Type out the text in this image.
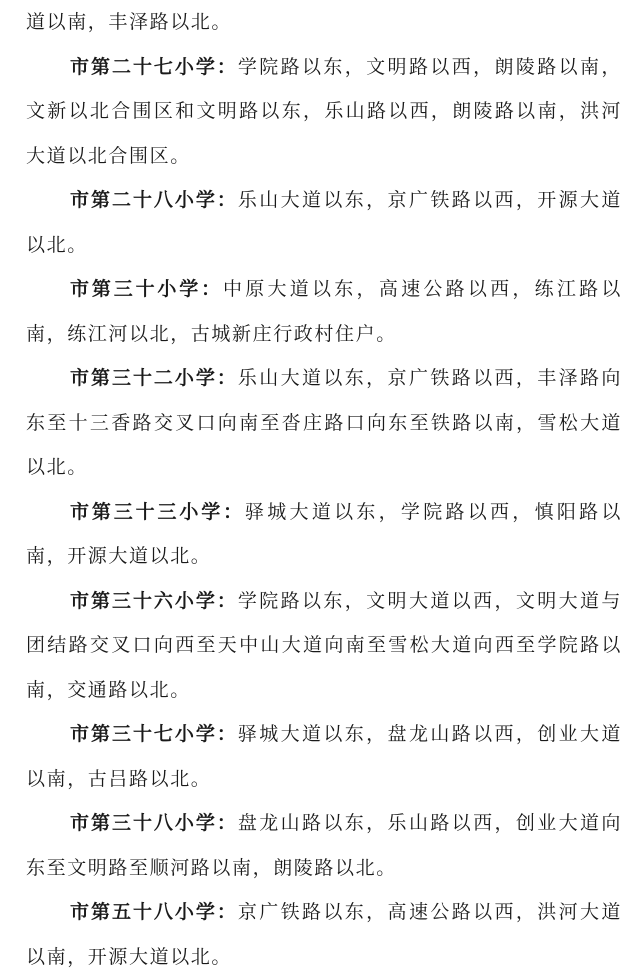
道以南，丰泽路以北。

市第二十七小学：学院路以东，文明路以西，朗陵路以南，文新以北合围区和文明路以东，乐山路以西，朗陵路以南，洪河大道以北合围区。

市第二十八小学：乐山大道以东，京广铁路以西，开源大道以北。

市第三十小学：中原大道以东，高速公路以西，练江路以南，练江河以北，古城新庄行政村住户。

市第三十二小学：乐山大道以东，京广铁路以西，丰泽路向东至十三香路交叉口向南至沓庄路口向东至铁路以南，雪松大道以北。

市第三十三小学：驿城大道以东，学院路以西，慎阳路以南，开源大道以北。

市第三十六小学：学院路以东，文明大道以西，文明大道与团结路交叉口向西至天中山大道向南至雪松大道向西至学院路以南，交通路以北。

市第三十七小学：驿城大道以东，盘龙山路以西，创业大道以南，古吕路以北。

市第三十八小学：盘龙山路以东，乐山路以西，创业大道向东至文明路至顺河路以南，朗陵路以北。

市第五十八小学：京广铁路以东，高速公路以西，洪河大道以南，开源大道以北。
